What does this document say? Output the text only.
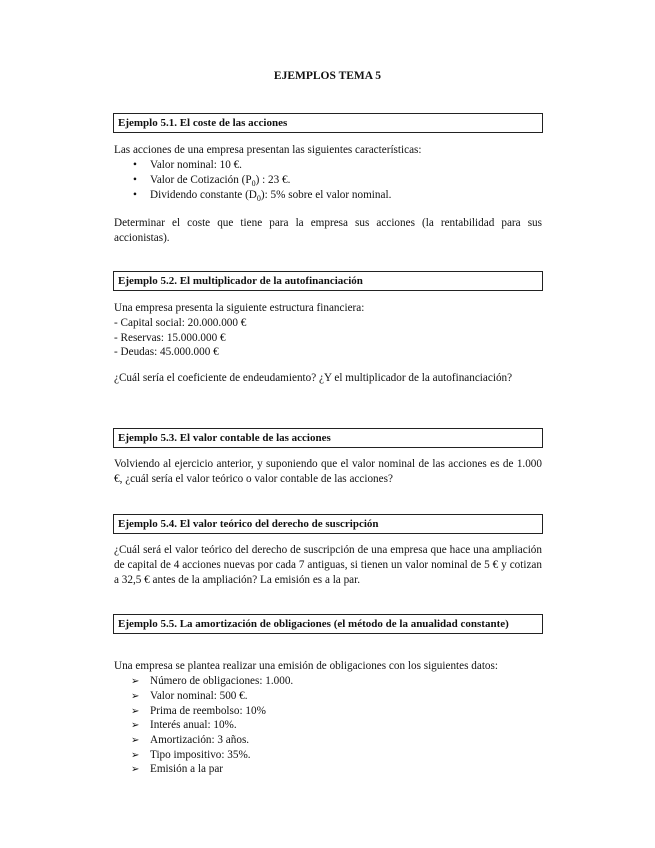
EJEMPLOS TEMA 5
Ejemplo 5.1. El coste de las acciones
Las acciones de una empresa presentan las siguientes características:
• Valor nominal: 10 €.
• Valor de Cotización $(P_0)$ : 23 €.
• Dividendo constante $(D_0)$: 5% sobre el valor nominal.
Determinar el coste que tiene para la empresa sus acciones (la rentabilidad para sus accionistas).
Ejemplo 5.2. El multiplicador de la autofinanciación
Una empresa presenta la siguiente estructura financiera:
- Capital social: 20.000.000 €
- Reservas: 15.000.000 €
- Deudas: 45.000.000 €
¿Cuál sería el coeficiente de endeudamiento? ¿Y el multiplicador de la autofinanciación?
Ejemplo 5.3. El valor contable de las acciones
Volviendo al ejercicio anterior, y suponiendo que el valor nominal de las acciones es de 1.000 €, ¿cuál sería el valor teórico o valor contable de las acciones?
Ejemplo 5.4. El valor teórico del derecho de suscripción
¿Cuál será el valor teórico del derecho de suscripción de una empresa que hace una ampliación de capital de 4 acciones nuevas por cada 7 antiguas, si tienen un valor nominal de 5 € y cotizan a 32,5 € antes de la ampliación? La emisión es a la par.
Ejemplo 5.5. La amortización de obligaciones (el método de la anualidad constante)
Una empresa se plantea realizar una emisión de obligaciones con los siguientes datos:
➢ Número de obligaciones: 1.000.
➢ Valor nominal: 500 €.
➢ Prima de reembolso: 10%
➢ Interés anual: 10%.
➢ Amortización: 3 años.
➢ Tipo impositivo: 35%.
➢ Emisión a la par
